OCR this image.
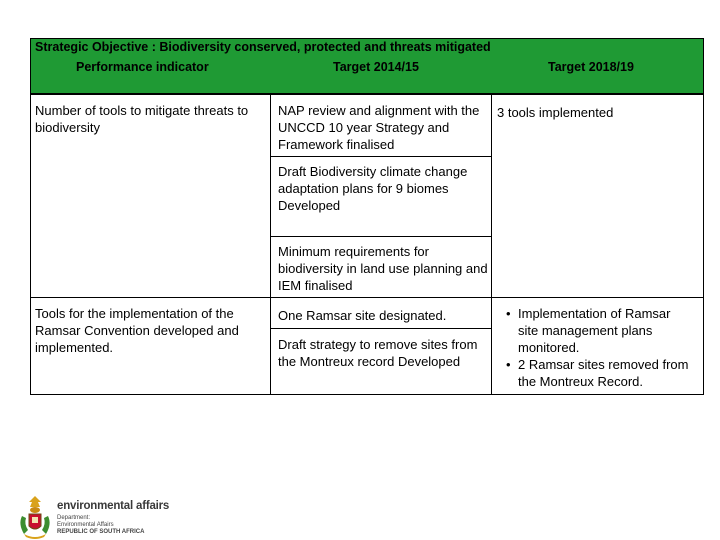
Strategic Objective : Biodiversity conserved, protected and threats mitigated
Performance indicator	Target 2014/15	Target 2018/19
Number of tools to mitigate threats to biodiversity
NAP review and alignment with the UNCCD 10 year Strategy and Framework finalised
Draft Biodiversity climate change adaptation plans for 9 biomes Developed
Minimum requirements for biodiversity in land use planning and IEM finalised
3 tools implemented
Tools for the implementation of the Ramsar Convention developed and implemented.
One Ramsar site designated.
Draft strategy to remove sites from the Montreux record Developed
• Implementation of Ramsar site management plans monitored.
• 2 Ramsar sites removed from the Montreux Record.
environmental affairs
Department:
Environmental Affairs
REPUBLIC OF SOUTH AFRICA
